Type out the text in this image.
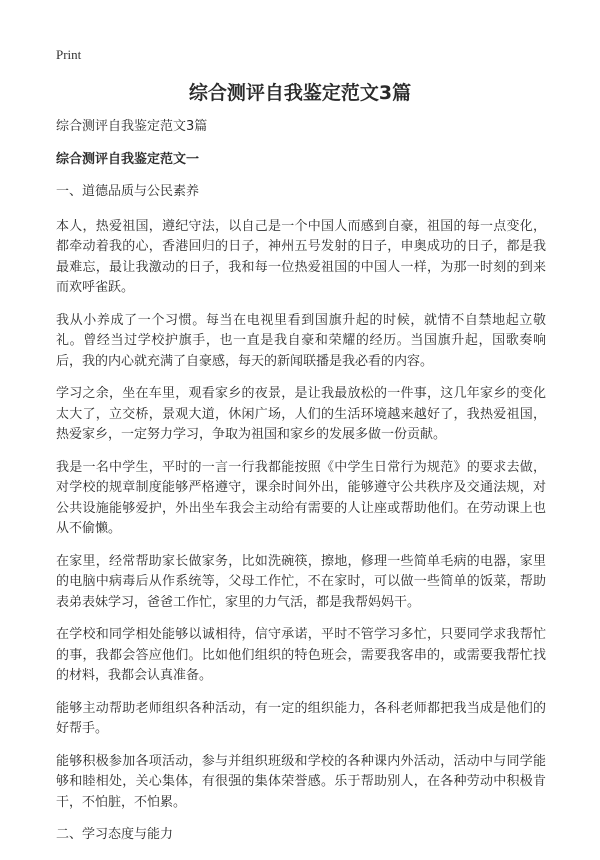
Print
综合测评自我鉴定范文3篇

综合测评自我鉴定范文3篇

综合测评自我鉴定范文一

一、道德品质与公民素养

本人，热爱祖国，遵纪守法，以自己是一个中国人而感到自豪，祖国的每一点变化，都牵动着我的心，香港回归的日子，神州五号发射的日子，申奥成功的日子，都是我最难忘，最让我激动的日子，我和每一位热爱祖国的中国人一样，为那一时刻的到来而欢呼雀跃。

我从小养成了一个习惯。每当在电视里看到国旗升起的时候，就情不自禁地起立敬礼。曾经当过学校护旗手，也一直是我自豪和荣耀的经历。当国旗升起，国歌奏响后，我的内心就充满了自豪感，每天的新闻联播是我必看的内容。

学习之余，坐在车里，观看家乡的夜景，是让我最放松的一件事，这几年家乡的变化太大了，立交桥，景观大道，休闲广场，人们的生活环境越来越好了，我热爱祖国，热爱家乡，一定努力学习，争取为祖国和家乡的发展多做一份贡献。

我是一名中学生，平时的一言一行我都能按照《中学生日常行为规范》的要求去做，对学校的规章制度能够严格遵守，课余时间外出，能够遵守公共秩序及交通法规，对公共设施能够爱护，外出坐车我会主动给有需要的人让座或帮助他们。在劳动课上也从不偷懒。

在家里，经常帮助家长做家务，比如洗碗筷，擦地，修理一些简单毛病的电器，家里的电脑中病毒后从作系统等，父母工作忙，不在家时，可以做一些简单的饭菜，帮助表弟表妹学习，爸爸工作忙，家里的力气活，都是我帮妈妈干。

在学校和同学相处能够以诚相待，信守承诺，平时不管学习多忙，只要同学求我帮忙的事，我都会答应他们。比如他们组织的特色班会，需要我客串的，或需要我帮忙找的材料，我都会认真准备。

能够主动帮助老师组织各种活动，有一定的组织能力，各科老师都把我当成是他们的好帮手。

能够积极参加各项活动，参与并组织班级和学校的各种课内外活动，活动中与同学能够和睦相处，关心集体，有很强的集体荣誉感。乐于帮助别人，在各种劳动中积极肯干，不怕脏，不怕累。

二、学习态度与能力
